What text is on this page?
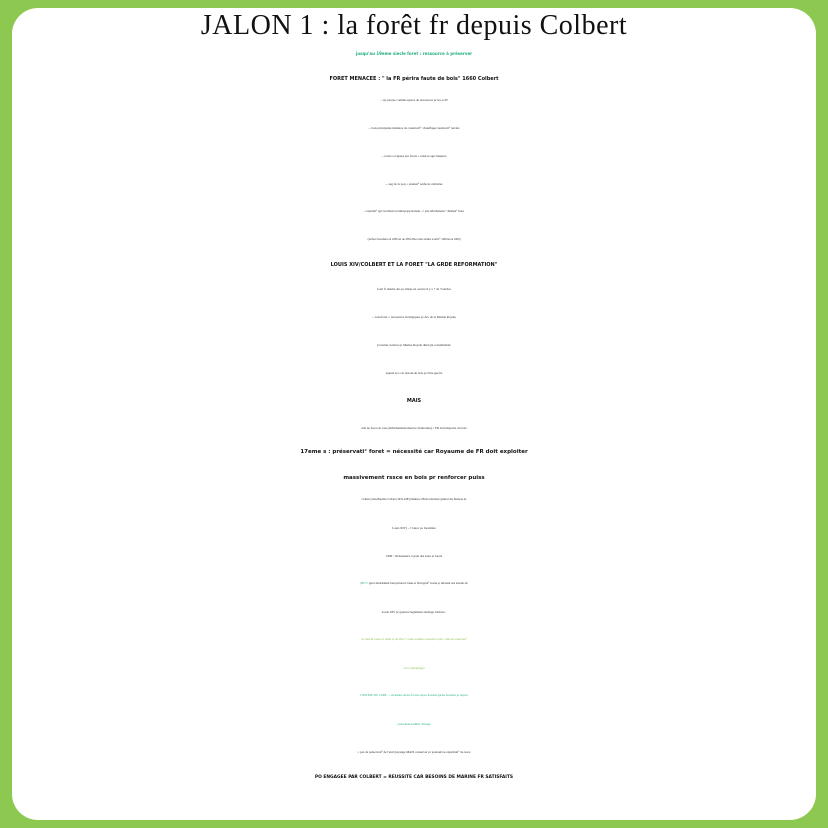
JALON 1 : la forêt fr depuis Colbert
jusqu'au 19eme siecle foret : ressource à préserver
FORET MENACEE : " la FR périra faute de bois" 1660 Colbert
-- tjs perçue comme espace de ressources pr les so H
-- bois principales matières ds constructi° /chauffage/constructi° navale
-- terres occupées par forets = réserve agri majeure
-- aug de la pop = extensi° surfaces cultivées
= exploitati° agri s'accélèrent au MA/époque moderne --> grds défrichements + diminuti° forets
(surface forestière en 1000 est de 25M d'ha et elle tombe à envir° 14M ha en 1600)
LOUIS XIV/COLBERT ET LA FORET "LA GRDE REFORMATION"
foret fr résulte des po mises en oeuvre il y a + de 3 siècles
-- bois/foret = ressourves stratégiques pr dev de la Marine Royale
(construc navires pr Marine Royale dmd qté considérable/
enjeux éco car besoin de bois pr faire guerre
MAIS
état de foret est cata (défrichement/absence d'entretien) = FR doit importer du bois
17eme s : préservati° foret = nécessité car Royaume de FR doit exploiter
massivement rssce en bois pr renforcer puiss
Colbert (Jean-Baptiste Colbert (1619-1683) ministre d'Etat/controleur général des finances de
Louis XIV) --> lance po forestière
1669 : Ordonnance royale des eaux et forets
(BUT : gérer durablement foret/préserver faune et flore/gesti° stocks pr subvenir aux besoins de
Louis XIV pr guerres/reglement abattage d'arbres :
ex: interdit coupe av 10ans pr un arbre + coupe soumise à autorité royale = idée de conservati°
avec replantage)
CONTENU DU CODE : -- inventaire arbres fr/carto espace forestier/gardes forestiers pr respect
ordonnance/limite d'usage
= pas de préservati° de l'envt/paysage MAIS conserver pr poursuivre exploitati° de rssce
PO ENGAGEE PAR COLBERT = REUSSITE CAR BESOINS DE MARINE FR SATISFAITS
